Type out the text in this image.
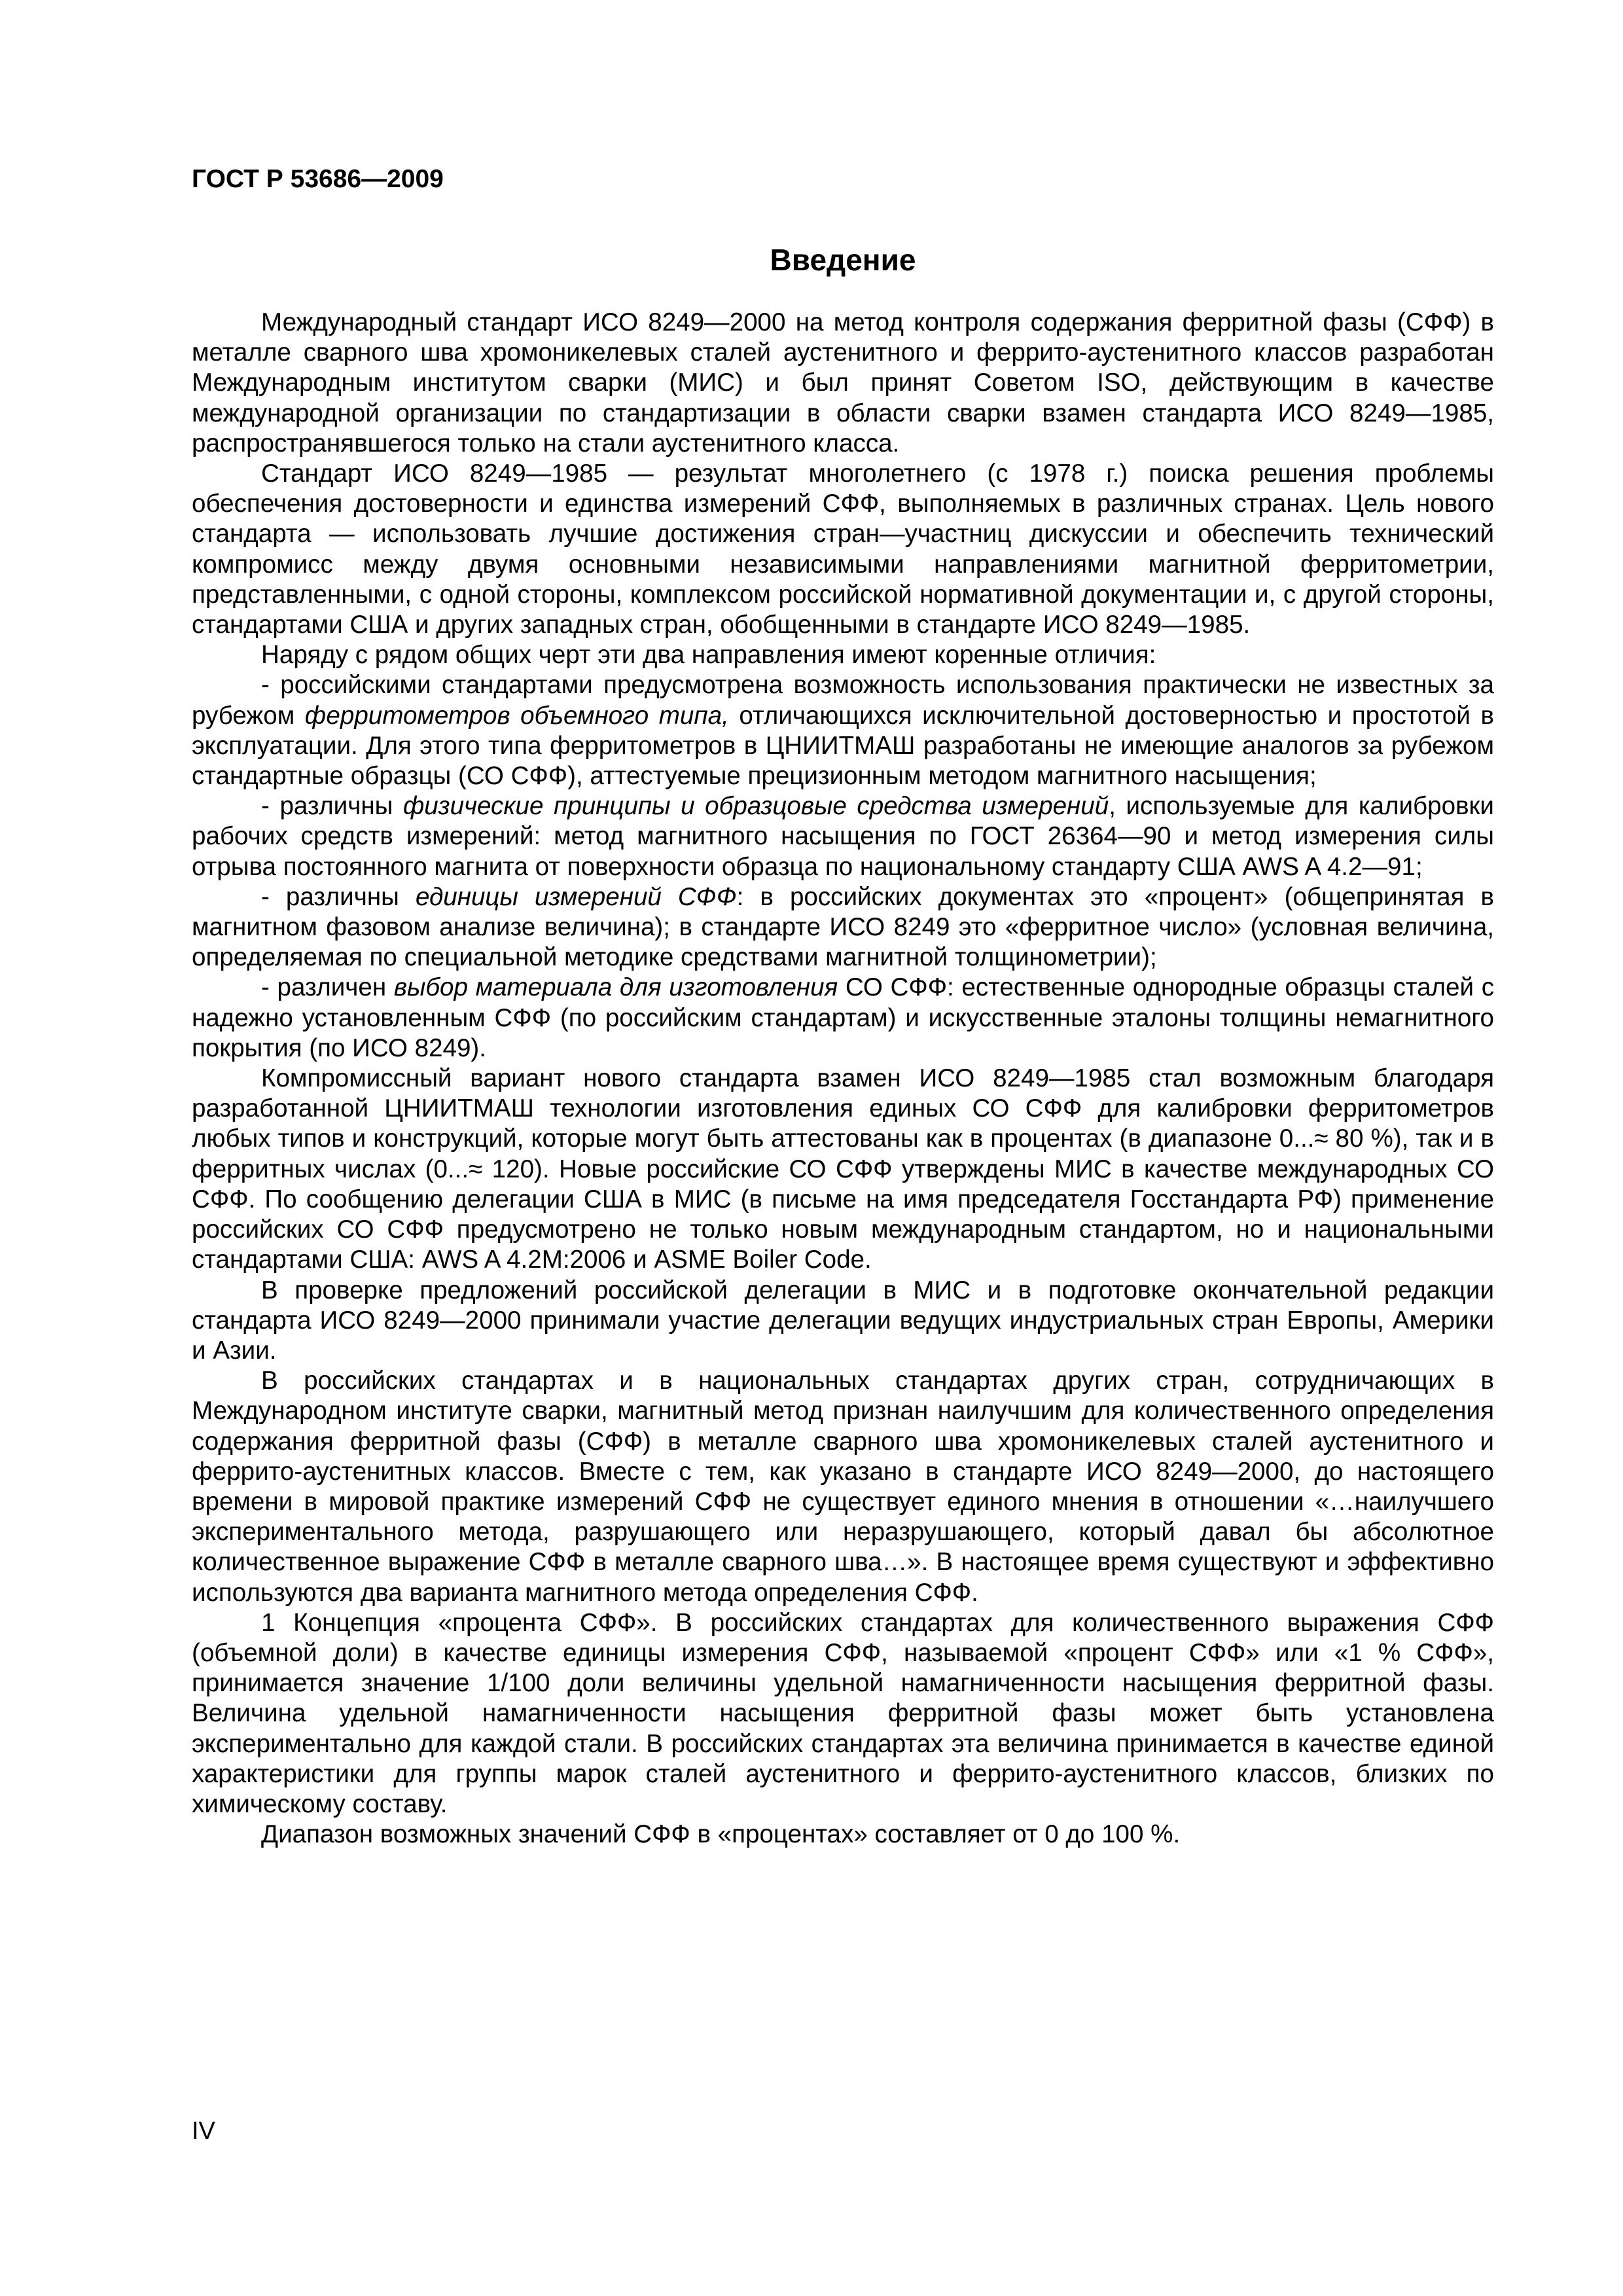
ГОСТ Р 53686—2009
Введение

Международный стандарт ИСО 8249—2000 на метод контроля содержания ферритной фазы (СФФ) в металле сварного шва хромоникелевых сталей аустенитного и феррито-аустенитного классов разработан Международным институтом сварки (МИС) и был принят Советом ISO, действующим в качестве международной организации по стандартизации в области сварки взамен стандарта ИСО 8249—1985, распространявшегося только на стали аустенитного класса.

Стандарт ИСО 8249—1985 — результат многолетнего (с 1978 г.) поиска решения проблемы обеспечения достоверности и единства измерений СФФ, выполняемых в различных странах. Цель нового стандарта — использовать лучшие достижения стран—участниц дискуссии и обеспечить технический компромисс между двумя основными независимыми направлениями магнитной ферритометрии, представленными, с одной стороны, комплексом российской нормативной документации и, с другой стороны, стандартами США и других западных стран, обобщенными в стандарте ИСО 8249—1985.

Наряду с рядом общих черт эти два направления имеют коренные отличия:

- российскими стандартами предусмотрена возможность использования практически не известных за рубежом ферритометров объемного типа, отличающихся исключительной достоверностью и простотой в эксплуатации. Для этого типа ферритометров в ЦНИИТМАШ разработаны не имеющие аналогов за рубежом стандартные образцы (СО СФФ), аттестуемые прецизионным методом магнитного насыщения;

- различны физические принципы и образцовые средства измерений, используемые для калибровки рабочих средств измерений: метод магнитного насыщения по ГОСТ 26364—90 и метод измерения силы отрыва постоянного магнита от поверхности образца по национальному стандарту США AWS A 4.2—91;

- различны единицы измерений СФФ: в российских документах это «процент» (общепринятая в магнитном фазовом анализе величина); в стандарте ИСО 8249 это «ферритное число» (условная величина, определяемая по специальной методике средствами магнитной толщинометрии);

- различен выбор материала для изготовления СО СФФ: естественные однородные образцы сталей с надежно установленным СФФ (по российским стандартам) и искусственные эталоны толщины немагнитного покрытия (по ИСО 8249).

Компромиссный вариант нового стандарта взамен ИСО 8249—1985 стал возможным благодаря разработанной ЦНИИТМАШ технологии изготовления единых СО СФФ для калибровки ферритометров любых типов и конструкций, которые могут быть аттестованы как в процентах (в диапазоне 0...≈ 80 %), так и в ферритных числах (0...≈ 120). Новые российские СО СФФ утверждены МИС в качестве международных СО СФФ. По сообщению делегации США в МИС (в письме на имя председателя Госстандарта РФ) применение российских СО СФФ предусмотрено не только новым международным стандартом, но и национальными стандартами США: AWS A 4.2M:2006 и ASME Boiler Code.

В проверке предложений российской делегации в МИС и в подготовке окончательной редакции стандарта ИСО 8249—2000 принимали участие делегации ведущих индустриальных стран Европы, Америки и Азии.

В российских стандартах и в национальных стандартах других стран, сотрудничающих в Международном институте сварки, магнитный метод признан наилучшим для количественного определения содержания ферритной фазы (СФФ) в металле сварного шва хромоникелевых сталей аустенитного и феррито-аустенитных классов. Вместе с тем, как указано в стандарте ИСО 8249—2000, до настоящего времени в мировой практике измерений СФФ не существует единого мнения в отношении «…наилучшего экспериментального метода, разрушающего или неразрушающего, который давал бы абсолютное количественное выражение СФФ в металле сварного шва…». В настоящее время существуют и эффективно используются два варианта магнитного метода определения СФФ.

1 Концепция «процента СФФ». В российских стандартах для количественного выражения СФФ (объемной доли) в качестве единицы измерения СФФ, называемой «процент СФФ» или «1 % СФФ», принимается значение 1/100 доли величины удельной намагниченности насыщения ферритной фазы. Величина удельной намагниченности насыщения ферритной фазы может быть установлена экспериментально для каждой стали. В российских стандартах эта величина принимается в качестве единой характеристики для группы марок сталей аустенитного и феррито-аустенитного классов, близких по химическому составу.

Диапазон возможных значений СФФ в «процентах» составляет от 0 до 100 %.

IV
